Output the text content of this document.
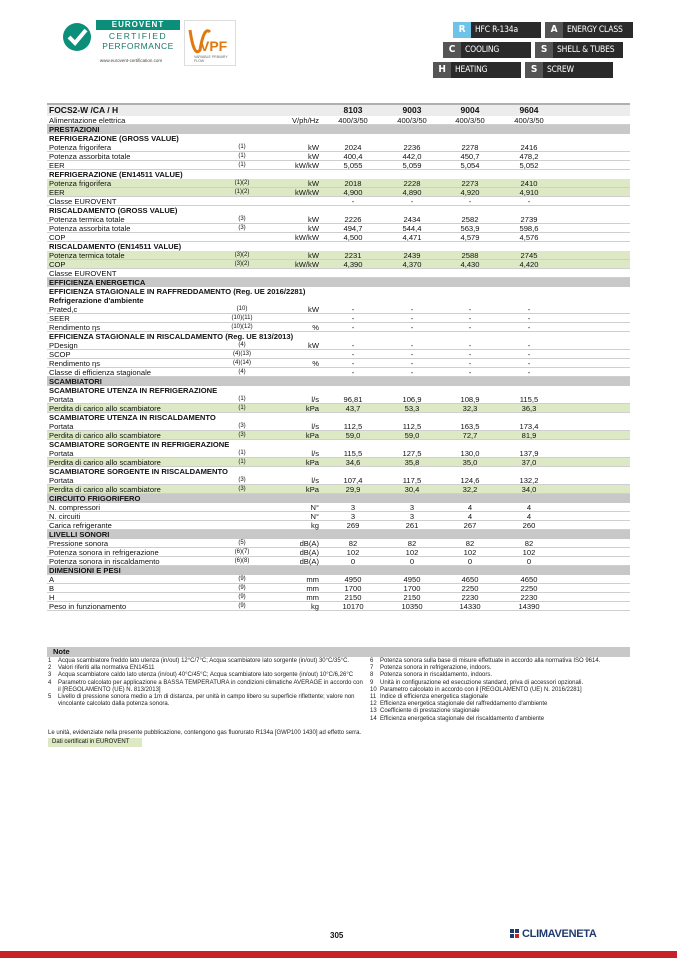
EUROVENT
CERTIFIED
PERFORMANCE
www.eurovent-certification.com
VPF
VARIABLE PRIMARY FLOW
R	HFC R-134a	A	ENERGY CLASS
C	COOLING	S	SHELL & TUBES
H	HEATING	S	SCREW
FOCS2-W /CA / H	8103	9003	9004	9604
Alimentazione elettrica	V/ph/Hz	400/3/50	400/3/50	400/3/50	400/3/50
PRESTAZIONI
REFRIGERAZIONE (GROSS VALUE)
Potenza frigorifera	(1)	kW	2024	2236	2278	2416
Potenza assorbita totale	(1)	kW	400,4	442,0	450,7	478,2
EER	(1)	kW/kW	5,055	5,059	5,054	5,052
REFRIGERAZIONE (EN14511 VALUE)
Potenza frigorifera	(1)(2)	kW	2018	2228	2273	2410
EER	(1)(2)	kW/kW	4,900	4,890	4,920	4,910
Classe EUROVENT	-	-	-	-
RISCALDAMENTO (GROSS VALUE)
Potenza termica totale	(3)	kW	2226	2434	2582	2739
Potenza assorbita totale	(3)	kW	494,7	544,4	563,9	598,6
COP	kW/kW	4,500	4,471	4,579	4,576
RISCALDAMENTO (EN14511 VALUE)
Potenza termica totale	(3)(2)	kW	2231	2439	2588	2745
COP	(3)(2)	kW/kW	4,390	4,370	4,430	4,420
Classe EUROVENT
EFFICIENZA ENERGETICA
EFFICIENZA STAGIONALE IN RAFFREDDAMENTO (Reg. UE 2016/2281)
Refrigerazione d'ambiente
Prated,c	(10)	kW	-	-	-	-
SEER	(10)(11)	-	-	-	-
Rendimento ηs	(10)(12)	%	-	-	-	-
EFFICIENZA STAGIONALE IN RISCALDAMENTO (Reg. UE 813/2013)
PDesign	(4)	kW	-	-	-	-
SCOP	(4)(13)	-	-	-	-
Rendimento ηs	(4)(14)	%	-	-	-	-
Classe di efficienza stagionale	(4)	-	-	-	-
SCAMBIATORI
SCAMBIATORE UTENZA IN REFRIGERAZIONE
Portata	(1)	l/s	96,81	106,9	108,9	115,5
Perdita di carico allo scambiatore	(1)	kPa	43,7	53,3	32,3	36,3
SCAMBIATORE UTENZA IN RISCALDAMENTO
Portata	(3)	l/s	112,5	112,5	163,5	173,4
Perdita di carico allo scambiatore	(3)	kPa	59,0	59,0	72,7	81,9
SCAMBIATORE SORGENTE IN REFRIGERAZIONE
Portata	(1)	l/s	115,5	127,5	130,0	137,9
Perdita di carico allo scambiatore	(1)	kPa	34,6	35,8	35,0	37,0
SCAMBIATORE SORGENTE IN RISCALDAMENTO
Portata	(3)	l/s	107,4	117,5	124,6	132,2
Perdita di carico allo scambiatore	(3)	kPa	29,9	30,4	32,2	34,0
CIRCUITO FRIGORIFERO
N. compressori	N°	3	3	4	4
N. circuiti	N°	3	3	4	4
Carica refrigerante	kg	269	261	267	260
LIVELLI SONORI
Pressione sonora	(5)	dB(A)	82	82	82	82
Potenza sonora in refrigerazione	(6)(7)	dB(A)	102	102	102	102
Potenza sonora in riscaldamento	(6)(8)	dB(A)	0	0	0	0
DIMENSIONI E PESI
A	(9)	mm	4950	4950	4650	4650
B	(9)	mm	1700	1700	2250	2250
H	(9)	mm	2150	2150	2230	2230
Peso in funzionamento	(9)	kg	10170	10350	14330	14390
Note
1 Acqua scambiatore freddo lato utenza (in/out) 12°C/7°C; Acqua scambiatore lato sorgente (in/out) 30°C/35°C.
2 Valori riferiti alla normativa EN14511
3 Acqua scambiatore caldo lato utenza (in/out) 40°C/45°C; Acqua scambiatore lato sorgente (in/out) 10°C/6,26°C
4 Parametro calcolato per applicazione a BASSA TEMPERATURA in condizioni climatiche AVERAGE in accordo con il [REGOLAMENTO (UE) N. 813/2013]
5 Livello di pressione sonora medio a 1m di distanza, per unità in campo libero su superficie riflettente; valore non vincolante calcolato dalla potenza sonora.
6 Potenza sonora sulla base di misure effettuate in accordo alla normativa ISO 9614.
7 Potenza sonora in refrigerazione, indoors.
8 Potenza sonora in riscaldamento, indoors.
9 Unità in configurazione ed esecuzione standard, priva di accessori opzionali.
10 Parametro calcolato in accordo con il [REGOLAMENTO (UE) N. 2016/2281]
11 Indice di efficienza energetica stagionale
12 Efficienza energetica stagionale del raffreddamento d'ambiente
13 Coefficiente di prestazione stagionale
14 Efficienza energetica stagionale del riscaldamento d'ambiente
Le unità, evidenziate nella presente pubblicazione, contengono gas fluorurato R134a [GWP100 1430] ad effetto serra.
Dati certificati in EUROVENT
305	CLIMAVENETA
